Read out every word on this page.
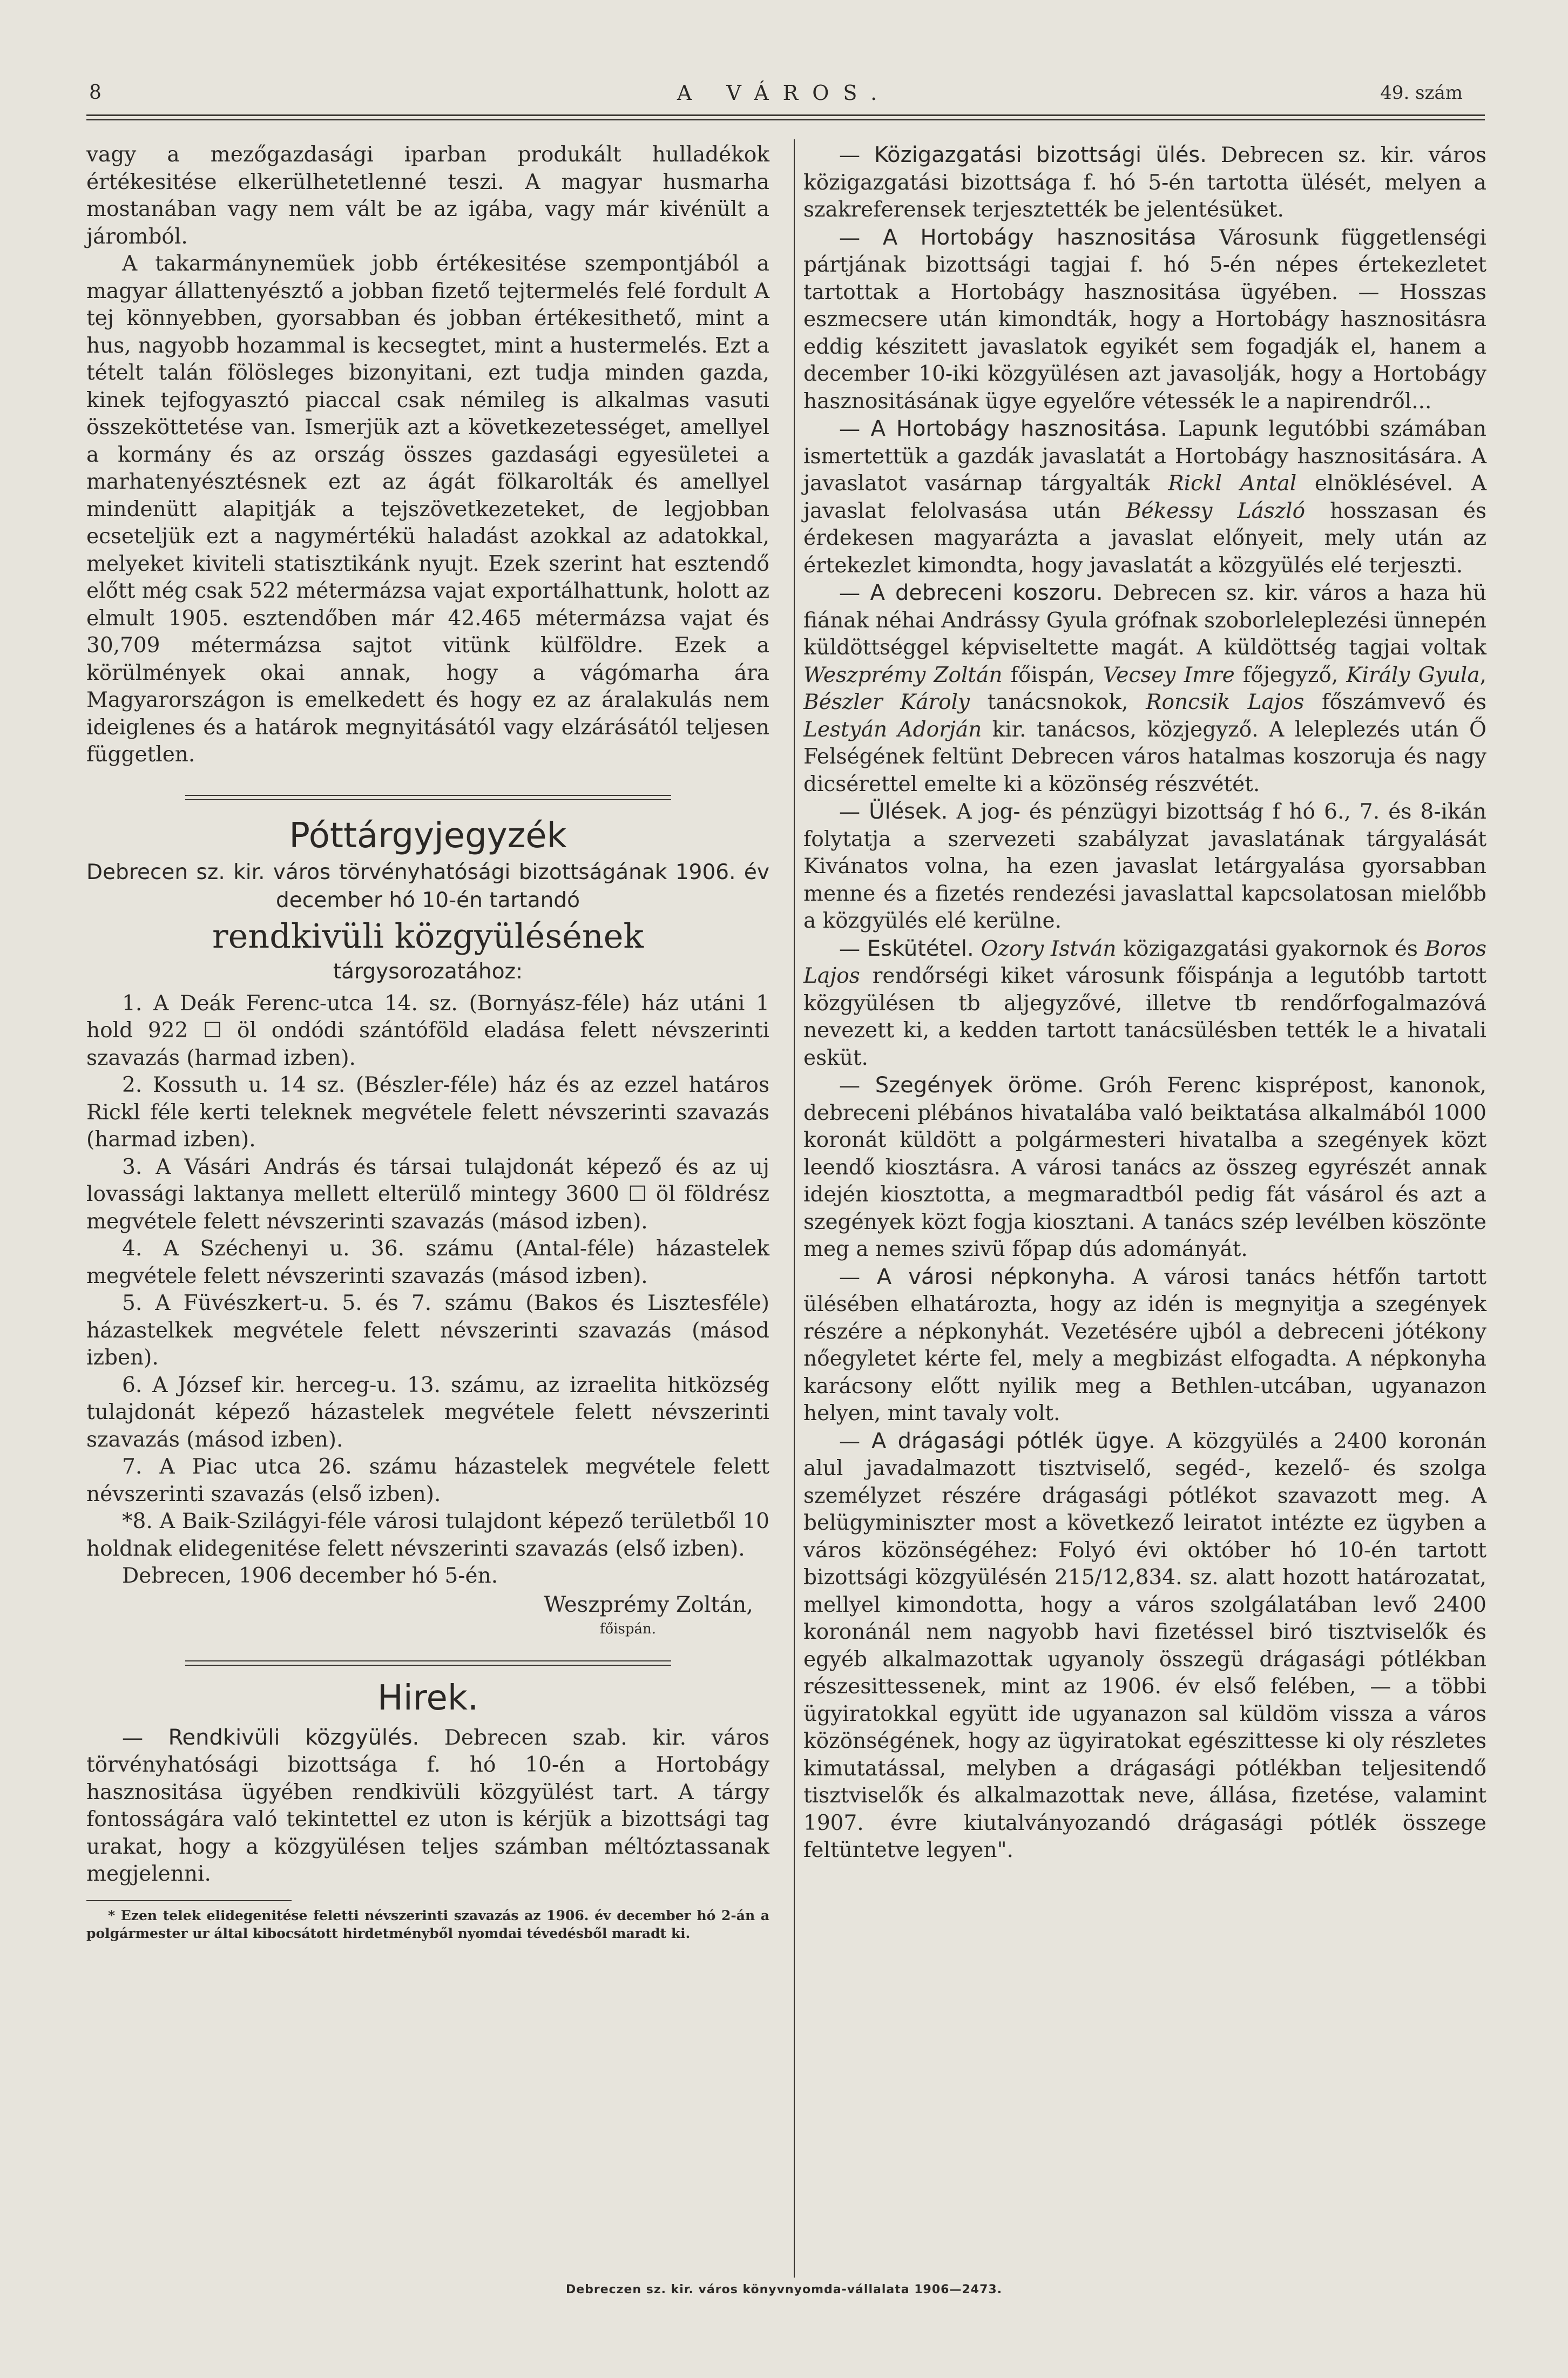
8	A VÁROS.	49. szám

vagy a mezőgazdasági iparban produkált hulladékok értékesitése elkerülhetetlenné teszi. A magyar husmarha mostanában vagy nem vált be az igába, vagy már kivénült a járomból.

A takarmánynemüek jobb értékesitése szempontjából a magyar állattenyésztő a jobban fizető tejtermelés felé fordult A tej könnyebben, gyorsabban és jobban értékesithető, mint a hus, nagyobb hozammal is kecsegtet, mint a hustermelés. Ezt a tételt talán fölösleges bizonyitani, ezt tudja minden gazda, kinek tejfogyasztó piaccal csak némileg is alkalmas vasuti összeköttetése van. Ismerjük azt a következetességet, amellyel a kormány és az ország összes gazdasági egyesületei a marhatenyésztésnek ezt az ágát fölkarolták és amellyel mindenütt alapitják a tejszövetkezeteket, de legjobban ecseteljük ezt a nagymértékü haladást azokkal az adatokkal, melyeket kiviteli statisztikánk nyujt. Ezek szerint hat esztendő előtt még csak 522 métermázsa vajat exportálhattunk, holott az elmult 1905. esztendőben már 42.465 métermázsa vajat és 30,709 métermázsa sajtot vitünk külföldre. Ezek a körülmények okai annak, hogy a vágómarha ára Magyarországon is emelkedett és hogy ez az áralakulás nem ideiglenes és a határok megnyitásától vagy elzárásától teljesen független.

Póttárgyjegyzék

Debrecen sz. kir. város törvényhatósági bizottságának 1906. év december hó 10-én tartandó

rendkivüli közgyülésének
tárgysorozatához:

1. A Deák Ferenc-utca 14. sz. (Bornyász-féle) ház utáni 1 hold 922 ☐ öl ondódi szántóföld eladása felett névszerinti szavazás (harmad izben).

2. Kossuth u. 14 sz. (Bészler-féle) ház és az ezzel határos Rickl féle kerti teleknek megvétele felett névszerinti szavazás (harmad izben).

3. A Vásári András és társai tulajdonát képező és az uj lovassági laktanya mellett elterülő mintegy 3600 ☐ öl földrész megvétele felett névszerinti szavazás (másod izben).

4. A Széchenyi u. 36. számu (Antal-féle) házastelek megvétele felett névszerinti szavazás (másod izben).

5. A Füvészkert-u. 5. és 7. számu (Bakos és Lisztesféle) házastelkek megvétele felett névszerinti szavazás (másod izben).

6. A József kir. herceg-u. 13. számu, az izraelita hitközség tulajdonát képező házastelek megvétele felett névszerinti szavazás (másod izben).

7. A Piac utca 26. számu házastelek megvétele felett névszerinti szavazás (első izben).

*8. A Baik-Szilágyi-féle városi tulajdont képező területből 10 holdnak elidegenitése felett névszerinti szavazás (első izben).

Debrecen, 1906 december hó 5-én.

Weszprémy Zoltán,
főispán.
Hirek.

— Rendkivüli közgyülés. Debrecen szab. kir. város törvényhatósági bizottsága f. hó 10-én a Hortobágy hasznositása ügyében rendkivüli közgyülést tart. A tárgy fontosságára való tekintettel ez uton is kérjük a bizottsági tag urakat, hogy a közgyülésen teljes számban méltóztassanak megjelenni.

* Ezen telek elidegenitése feletti névszerinti szavazás az 1906. év december hó 2-án a polgármester ur által kibocsátott hirdetményből nyomdai tévedésből maradt ki.

— Közigazgatási bizottsági ülés. Debrecen sz. kir. város közigazgatási bizottsága f. hó 5-én tartotta ülését, melyen a szakreferensek terjesztették be jelentésüket.

— A Hortobágy hasznositása Városunk függetlenségi pártjának bizottsági tagjai f. hó 5-én népes értekezletet tartottak a Hortobágy hasznositása ügyében. — Hosszas eszmecsere után kimondták, hogy a Hortobágy hasznositásra eddig készitett javaslatok egyikét sem fogadják el, hanem a december 10-iki közgyülésen azt javasolják, hogy a Hortobágy hasznositásának ügye egyelőre vétessék le a napirendről...

— A Hortobágy hasznositása. Lapunk legutóbbi számában ismertettük a gazdák javaslatát a Hortobágy hasznositására. A javaslatot vasárnap tárgyalták Rickl Antal elnöklésével. A javaslat felolvasása után Békessy László hosszasan és érdekesen magyarázta a javaslat előnyeit, mely után az értekezlet kimondta, hogy javaslatát a közgyülés elé terjeszti.

— A debreceni koszoru. Debrecen sz. kir. város a haza hü fiának néhai Andrássy Gyula grófnak szoborleleplezési ünnepén küldöttséggel képviseltette magát. A küldöttség tagjai voltak Weszprémy Zoltán főispán, Vecsey Imre főjegyző, Király Gyula, Bészler Károly tanácsnokok, Roncsik Lajos főszámvevő és Lestyán Adorján kir. tanácsos, közjegyző. A leleplezés után Ő Felségének feltünt Debrecen város hatalmas koszoruja és nagy dicsérettel emelte ki a közönség részvétét.

— Ülések. A jog- és pénzügyi bizottság f hó 6., 7. és 8-ikán folytatja a szervezeti szabályzat javaslatának tárgyalását Kivánatos volna, ha ezen javaslat letárgyalása gyorsabban menne és a fizetés rendezési javaslattal kapcsolatosan mielőbb a közgyülés elé kerülne.

— Eskütétel. Ozory István közigazgatási gyakornok és Boros Lajos rendőrségi kiket városunk főispánja a legutóbb tartott közgyülésen tb aljegyzővé, illetve tb rendőrfogalmazóvá nevezett ki, a kedden tartott tanácsülésben tették le a hivatali esküt.

— Szegények öröme. Gróh Ferenc kisprépost, kanonok, debreceni plébános hivatalába való beiktatása alkalmából 1000 koronát küldött a polgármesteri hivatalba a szegények közt leendő kiosztásra. A városi tanács az összeg egyrészét annak idején kiosztotta, a megmaradtból pedig fát vásárol és azt a szegények közt fogja kiosztani. A tanács szép levélben köszönte meg a nemes szivü főpap dús adományát.

— A városi népkonyha. A városi tanács hétfőn tartott ülésében elhatározta, hogy az idén is megnyitja a szegények részére a népkonyhát. Vezetésére ujból a debreceni jótékony nőegyletet kérte fel, mely a megbizást elfogadta. A népkonyha karácsony előtt nyilik meg a Bethlen-utcában, ugyanazon helyen, mint tavaly volt.

— A drágasági pótlék ügye. A közgyülés a 2400 koronán alul javadalmazott tisztviselő, segéd-, kezelő- és szolga személyzet részére drágasági pótlékot szavazott meg. A belügyminiszter most a következő leiratot intézte ez ügyben a város közönségéhez: Folyó évi október hó 10-én tartott bizottsági közgyülésén 215/12,834. sz. alatt hozott határozatat, mellyel kimondotta, hogy a város szolgálatában levő 2400 koronánál nem nagyobb havi fizetéssel biró tisztviselők és egyéb alkalmazottak ugyanoly összegü drágasági pótlékban részesittessenek, mint az 1906. év első felében, — a többi ügyiratokkal együtt ide ugyanazon sal küldöm vissza a város közönségének, hogy az ügyiratokat egészittesse ki oly részletes kimutatással, melyben a drágasági pótlékban teljesitendő tisztviselők és alkalmazottak neve, állása, fizetése, valamint 1907. évre kiutalványozandó drágasági pótlék összege feltüntetve legyen".

Debreczen sz. kir. város könyvnyomda-vállalata 1906—2473.
